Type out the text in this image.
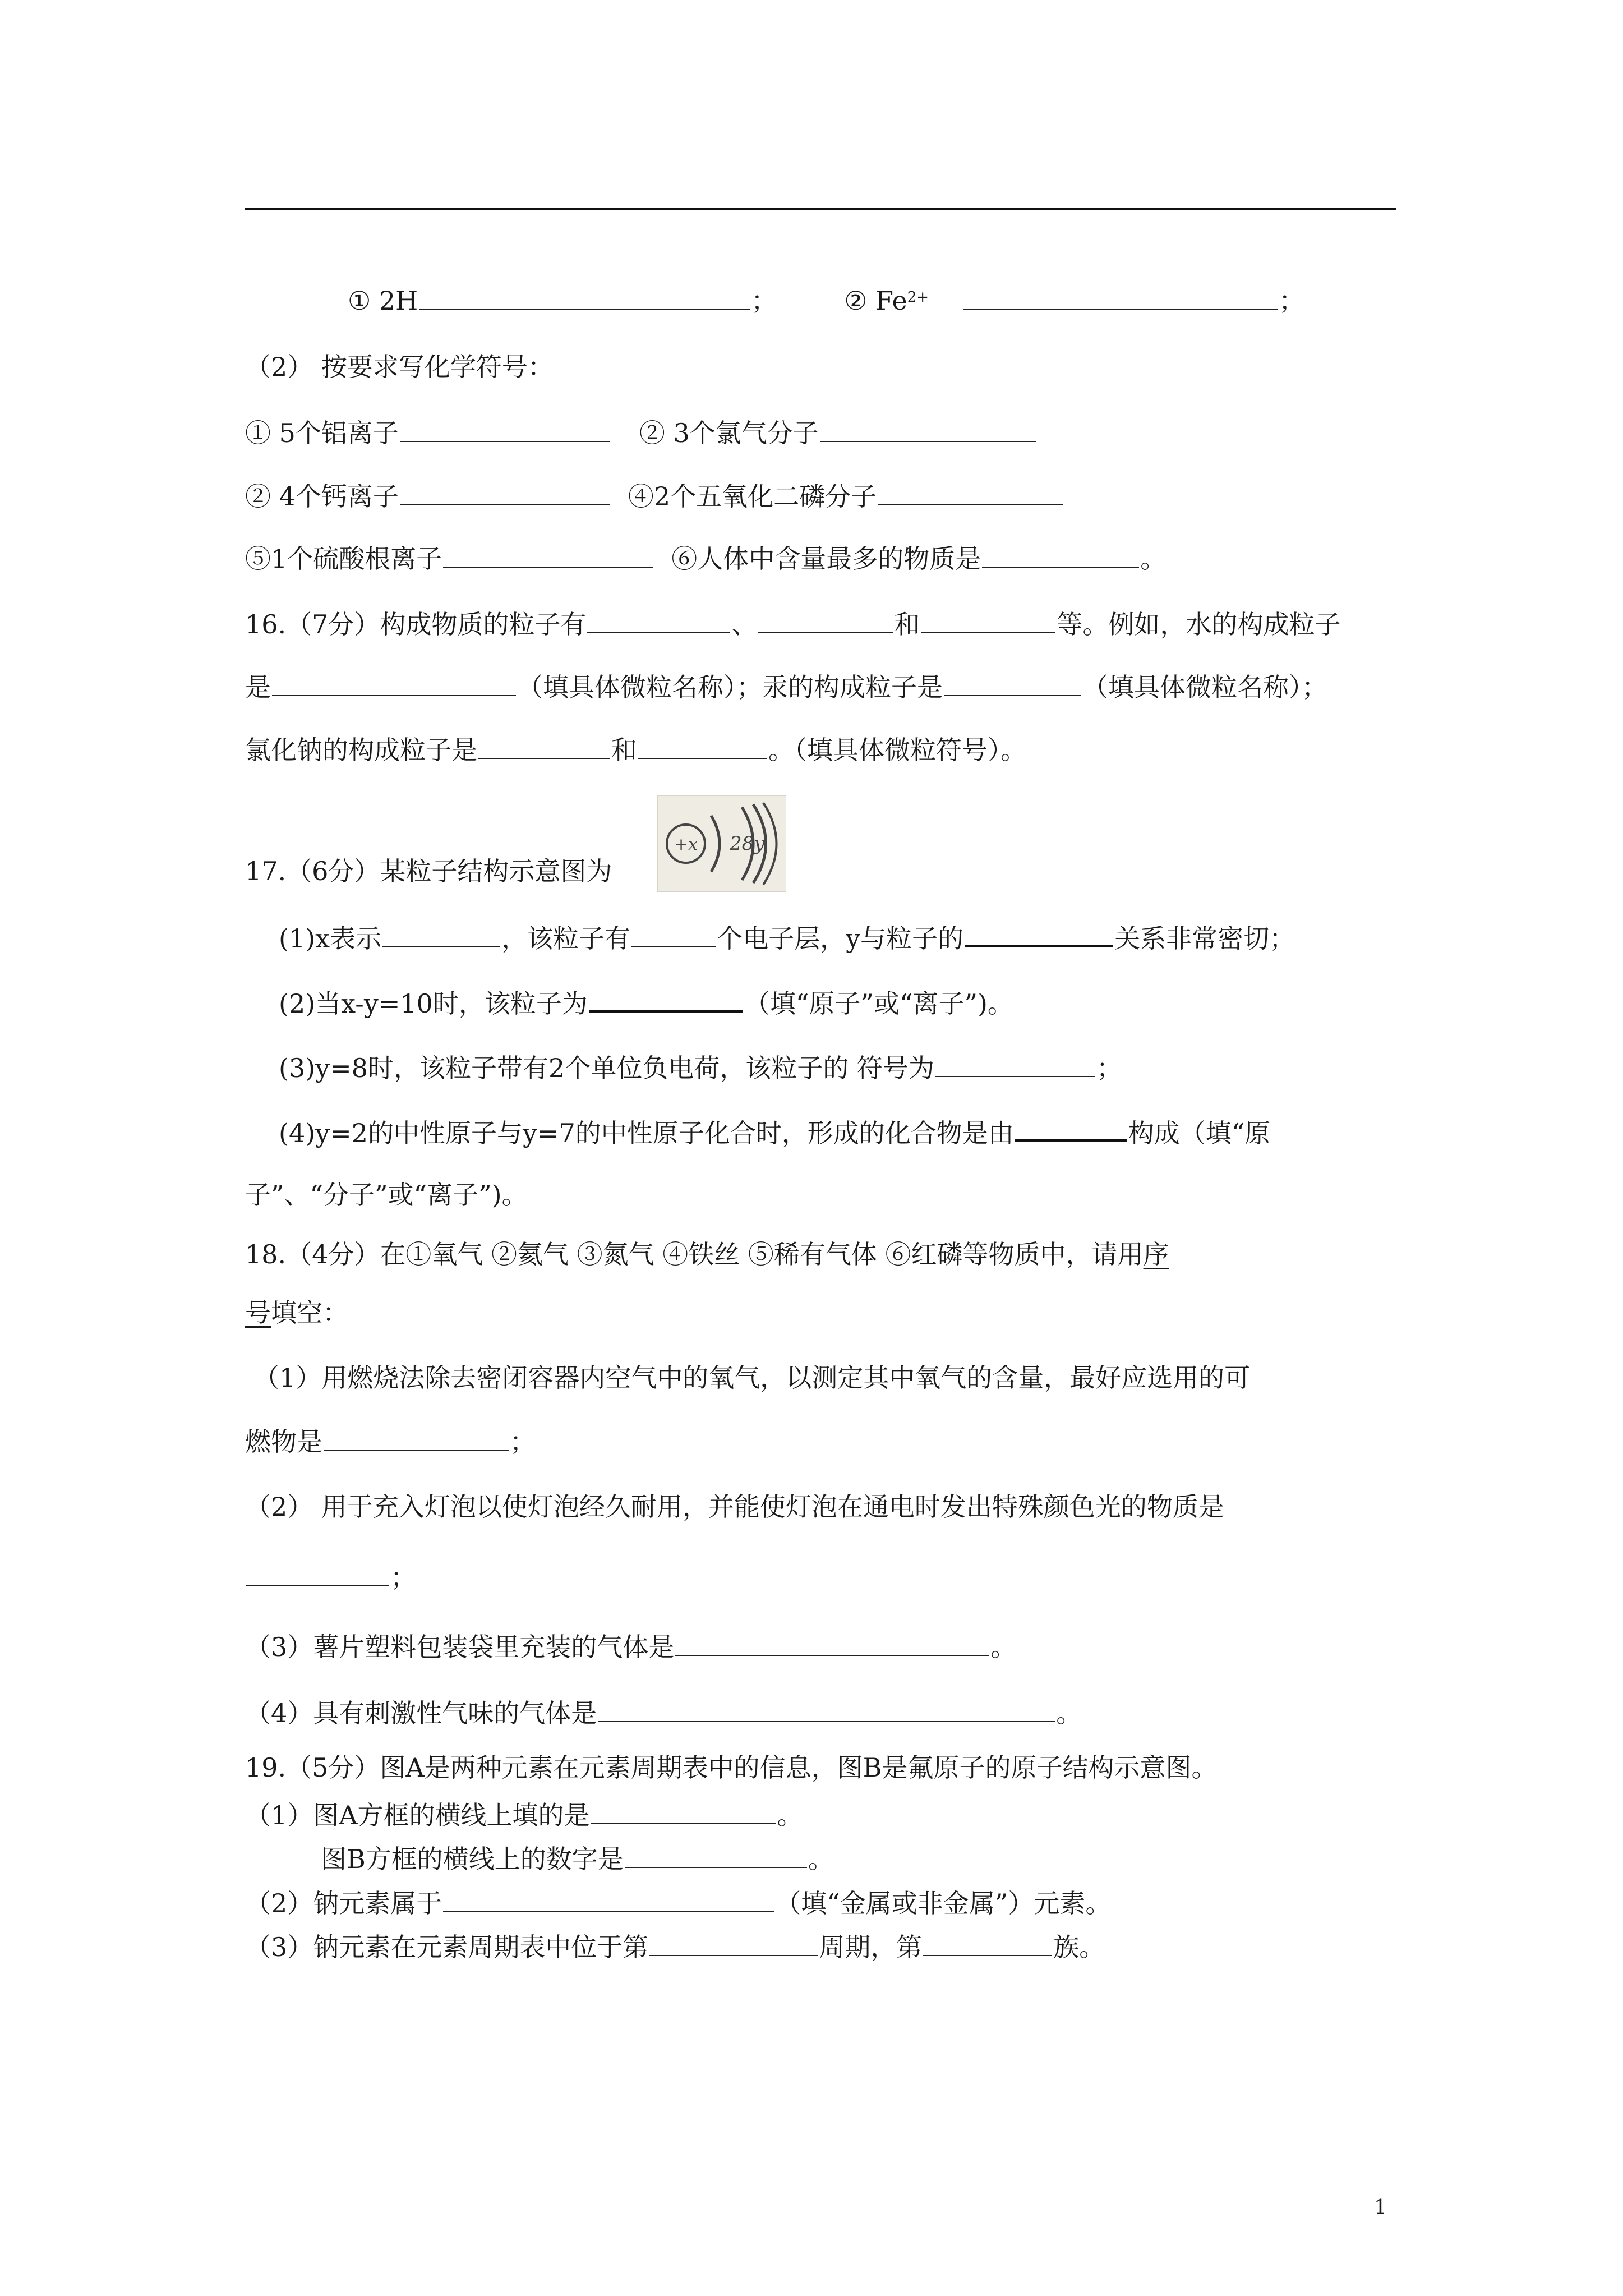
① 2H	；	② $Fe^{2+}$	；
（2） 按要求写化学符号：
① 5个铝离子	② 3个氯气分子
② 4个钙离子	④2个五氧化二磷分子
⑤1个硫酸根离子	⑥人体中含量最多的物质是	。
16.（7分）构成物质的粒子有	、	和	等。例如，水的构成粒子
是	（填具体微粒名称）；汞的构成粒子是	（填具体微粒名称）；
氯化钠的构成粒子是	和	。（填具体微粒符号）。
17.（6分）某粒子结构示意图为
+x 28y
(1)x表示	，该粒子有	个电子层，y与粒子的	关系非常密切；
(2)当x-y=10时，该粒子为	（填“原子”或“离子”)。
(3)y=8时，该粒子带有2个单位负电荷，该粒子的 符号为	；
(4)y=2的中性原子与y=7的中性原子化合时，形成的化合物是由	构成（填“原
子”、“分子”或“离子”)。
18.（4分）在①氧气 ②氦气 ③氮气 ④铁丝 ⑤稀有气体 ⑥红磷等物质中，请用序
号填空：
（1）用燃烧法除去密闭容器内空气中的氧气，以测定其中氧气的含量，最好应选用的可
燃物是	；
（2） 用于充入灯泡以使灯泡经久耐用，并能使灯泡在通电时发出特殊颜色光的物质是
；
（3）薯片塑料包装袋里充装的气体是	。
（4）具有刺激性气味的气体是	。
19.（5分）图A是两种元素在元素周期表中的信息，图B是氟原子的原子结构示意图。
（1）图A方框的横线上填的是	。
图B方框的横线上的数字是	。
（2）钠元素属于	（填“金属或非金属”）元素。
（3）钠元素在元素周期表中位于第	周期，第	族。
1
